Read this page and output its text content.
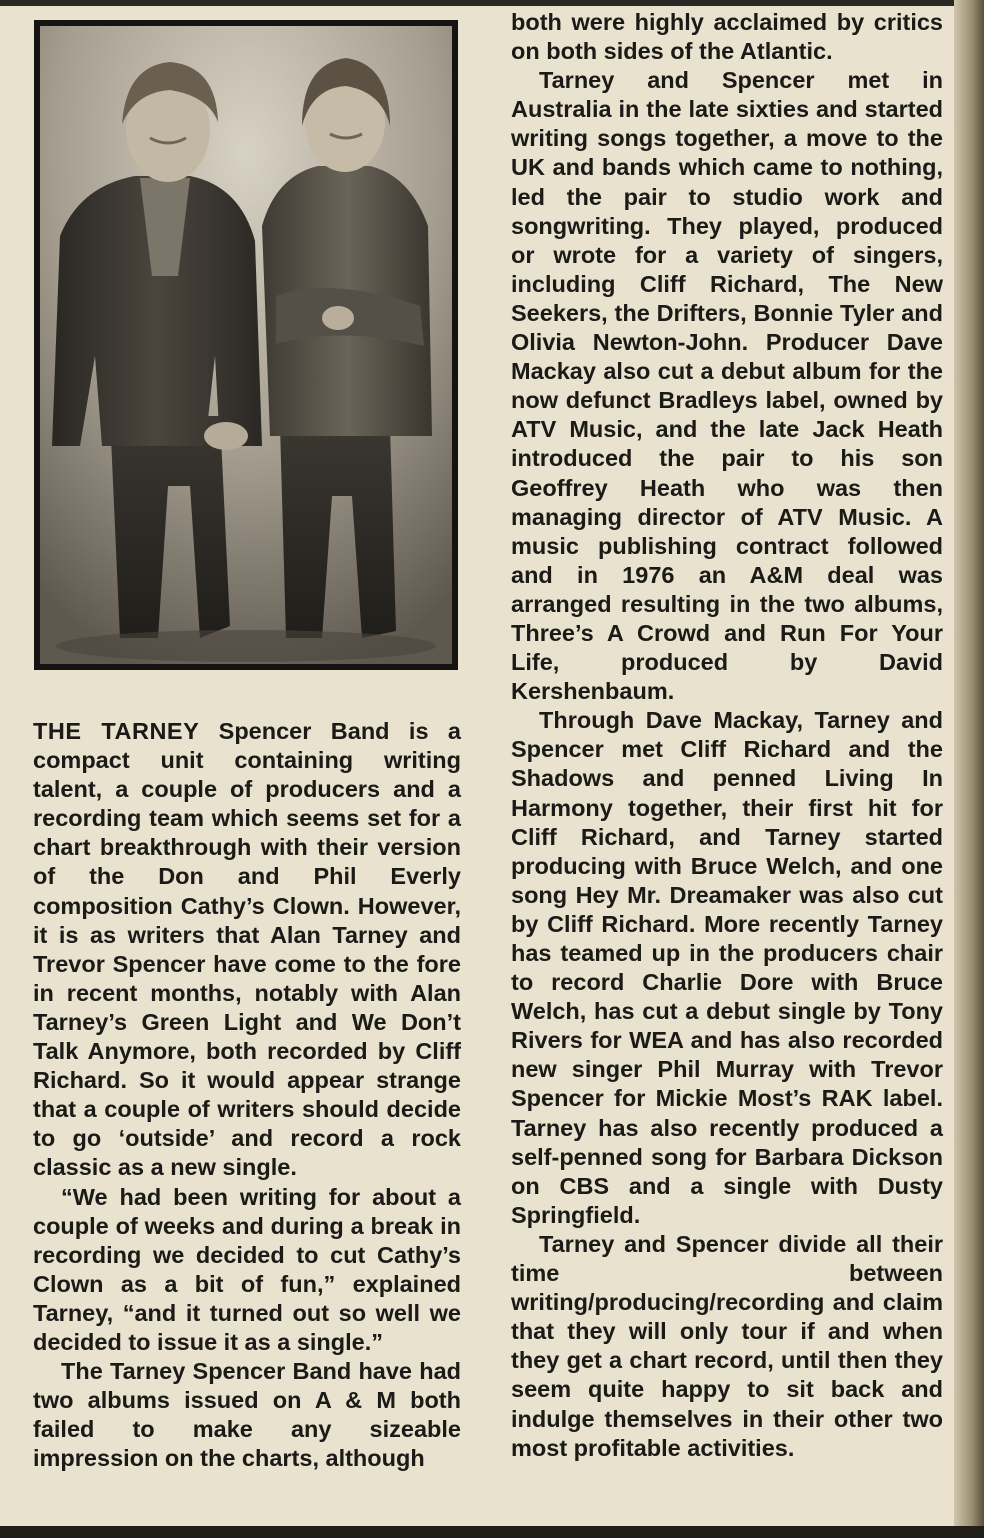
THE TARNEY Spencer Band is a compact unit containing writing talent, a couple of producers and a recording team which seems set for a chart breakthrough with their version of the Don and Phil Everly composition Cathy’s Clown. However, it is as writers that Alan Tarney and Trevor Spencer have come to the fore in recent months, notably with Alan Tarney’s Green Light and We Don’t Talk Anymore, both recorded by Cliff Richard. So it would appear strange that a couple of writers should decide to go ‘outside’ and record a rock classic as a new single.

“We had been writing for about a couple of weeks and during a break in recording we decided to cut Cathy’s Clown as a bit of fun,” explained Tarney, “and it turned out so well we decided to issue it as a single.”

The Tarney Spencer Band have had two albums issued on A & M both failed to make any sizeable impression on the charts, although

both were highly acclaimed by critics on both sides of the Atlantic.

Tarney and Spencer met in Australia in the late sixties and started writing songs together, a move to the UK and bands which came to nothing, led the pair to studio work and songwriting. They played, produced or wrote for a variety of singers, including Cliff Richard, The New Seekers, the Drifters, Bonnie Tyler and Olivia Newton-John. Producer Dave Mackay also cut a debut album for the now defunct Bradleys label, owned by ATV Music, and the late Jack Heath introduced the pair to his son Geoffrey Heath who was then managing director of ATV Music. A music publishing contract followed and in 1976 an A&M deal was arranged resulting in the two albums, Three’s A Crowd and Run For Your Life, produced by David Kershenbaum.

Through Dave Mackay, Tarney and Spencer met Cliff Richard and the Shadows and penned Living In Harmony together, their first hit for Cliff Richard, and Tarney started producing with Bruce Welch, and one song Hey Mr. Dreamaker was also cut by Cliff Richard. More recently Tarney has teamed up in the producers chair to record Charlie Dore with Bruce Welch, has cut a debut single by Tony Rivers for WEA and has also recorded new singer Phil Murray with Trevor Spencer for Mickie Most’s RAK label. Tarney has also recently produced a self-penned song for Barbara Dickson on CBS and a single with Dusty Springfield.

Tarney and Spencer divide all their time between writing/producing/recording and claim that they will only tour if and when they get a chart record, until then they seem quite happy to sit back and indulge themselves in their other two most profitable activities.
